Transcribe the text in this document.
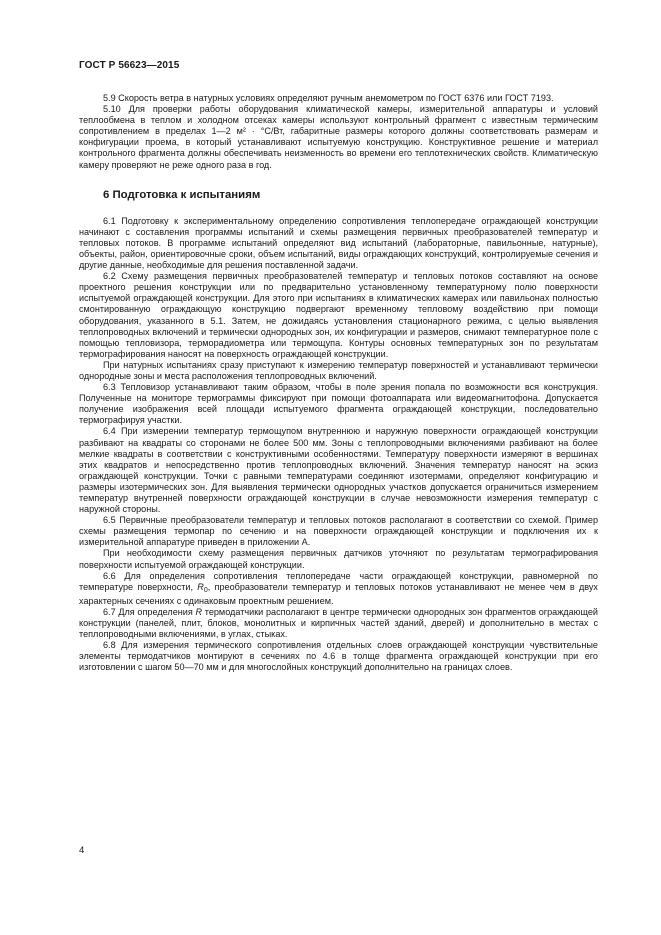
ГОСТ Р 56623—2015

5.9 Скорость ветра в натурных условиях определяют ручным анемометром по ГОСТ 6376 или ГОСТ 7193.

5.10 Для проверки работы оборудования климатической камеры, измерительной аппаратуры и условий теплообмена в теплом и холодном отсеках камеры используют контрольный фрагмент с известным термическим сопротивлением в пределах 1—2 м² · °С/Вт, габаритные размеры которого должны соответствовать размерам и конфигурации проема, в который устанавливают испытуемую конструкцию. Конструктивное решение и материал контрольного фрагмента должны обеспечивать неизменность во времени его теплотехнических свойств. Климатическую камеру проверяют не реже одного раза в год.

6 Подготовка к испытаниям

6.1 Подготовку к экспериментальному определению сопротивления теплопередаче ограждающей конструкции начинают с составления программы испытаний и схемы размещения первичных преобразователей температур и тепловых потоков. В программе испытаний определяют вид испытаний (лабораторные, павильонные, натурные), объекты, район, ориентировочные сроки, объем испытаний, виды ограждающих конструкций, контролируемые сечения и другие данные, необходимые для решения поставленной задачи.

6.2 Схему размещения первичных преобразователей температур и тепловых потоков составляют на основе проектного решения конструкции или по предварительно установленному температурному полю поверхности испытуемой ограждающей конструкции. Для этого при испытаниях в климатических камерах или павильонах полностью смонтированную ограждающую конструкцию подвергают временному тепловому воздействию при помощи оборудования, указанного в 5.1. Затем, не дожидаясь установления стационарного режима, с целью выявления теплопроводных включений и термически однородных зон, их конфигурации и размеров, снимают температурное поле с помощью тепловизора, терморадиометра или термощупа. Контуры основных температурных зон по результатам термографирования наносят на поверхность ограждающей конструкции.

При натурных испытаниях сразу приступают к измерению температур поверхностей и устанавливают термически однородные зоны и места расположения теплопроводных включений.

6.3 Тепловизор устанавливают таким образом, чтобы в поле зрения попала по возможности вся конструкция. Полученные на мониторе термограммы фиксируют при помощи фотоаппарата или видеомагнитофона. Допускается получение изображения всей площади испытуемого фрагмента ограждающей конструкции, последовательно термографируя участки.

6.4 При измерении температур термощупом внутреннюю и наружную поверхности ограждающей конструкции разбивают на квадраты со сторонами не более 500 мм. Зоны с теплопроводными включениями разбивают на более мелкие квадраты в соответствии с конструктивными особенностями. Температуру поверхности измеряют в вершинах этих квадратов и непосредственно против теплопроводных включений. Значения температур наносят на эскиз ограждающей конструкции. Точки с равными температурами соединяют изотермами, определяют конфигурацию и размеры изотермических зон. Для выявления термически однородных участков допускается ограничиться измерением температур внутренней поверхности ограждающей конструкции в случае невозможности измерения температур с наружной стороны.

6.5 Первичные преобразователи температур и тепловых потоков располагают в соответствии со схемой. Пример схемы размещения термопар по сечению и на поверхности ограждающей конструкции и подключения их к измерительной аппаратуре приведен в приложении А.

При необходимости схему размещения первичных датчиков уточняют по результатам термографирования поверхности испытуемой ограждающей конструкции.

6.6 Для определения сопротивления теплопередаче части ограждающей конструкции, равномерной по температуре поверхности, $R_0$, преобразователи температур и тепловых потоков устанавливают не менее чем в двух характерных сечениях с одинаковым проектным решением.

6.7 Для определения R термодатчики располагают в центре термически однородных зон фрагментов ограждающей конструкции (панелей, плит, блоков, монолитных и кирпичных частей зданий, дверей) и дополнительно в местах с теплопроводными включениями, в углах, стыках.

6.8 Для измерения термического сопротивления отдельных слоев ограждающей конструкции чувствительные элементы термодатчиков монтируют в сечениях по 4.6 в толще фрагмента ограждающей конструкции при его изготовлении с шагом 50—70 мм и для многослойных конструкций дополнительно на границах слоев.

4
